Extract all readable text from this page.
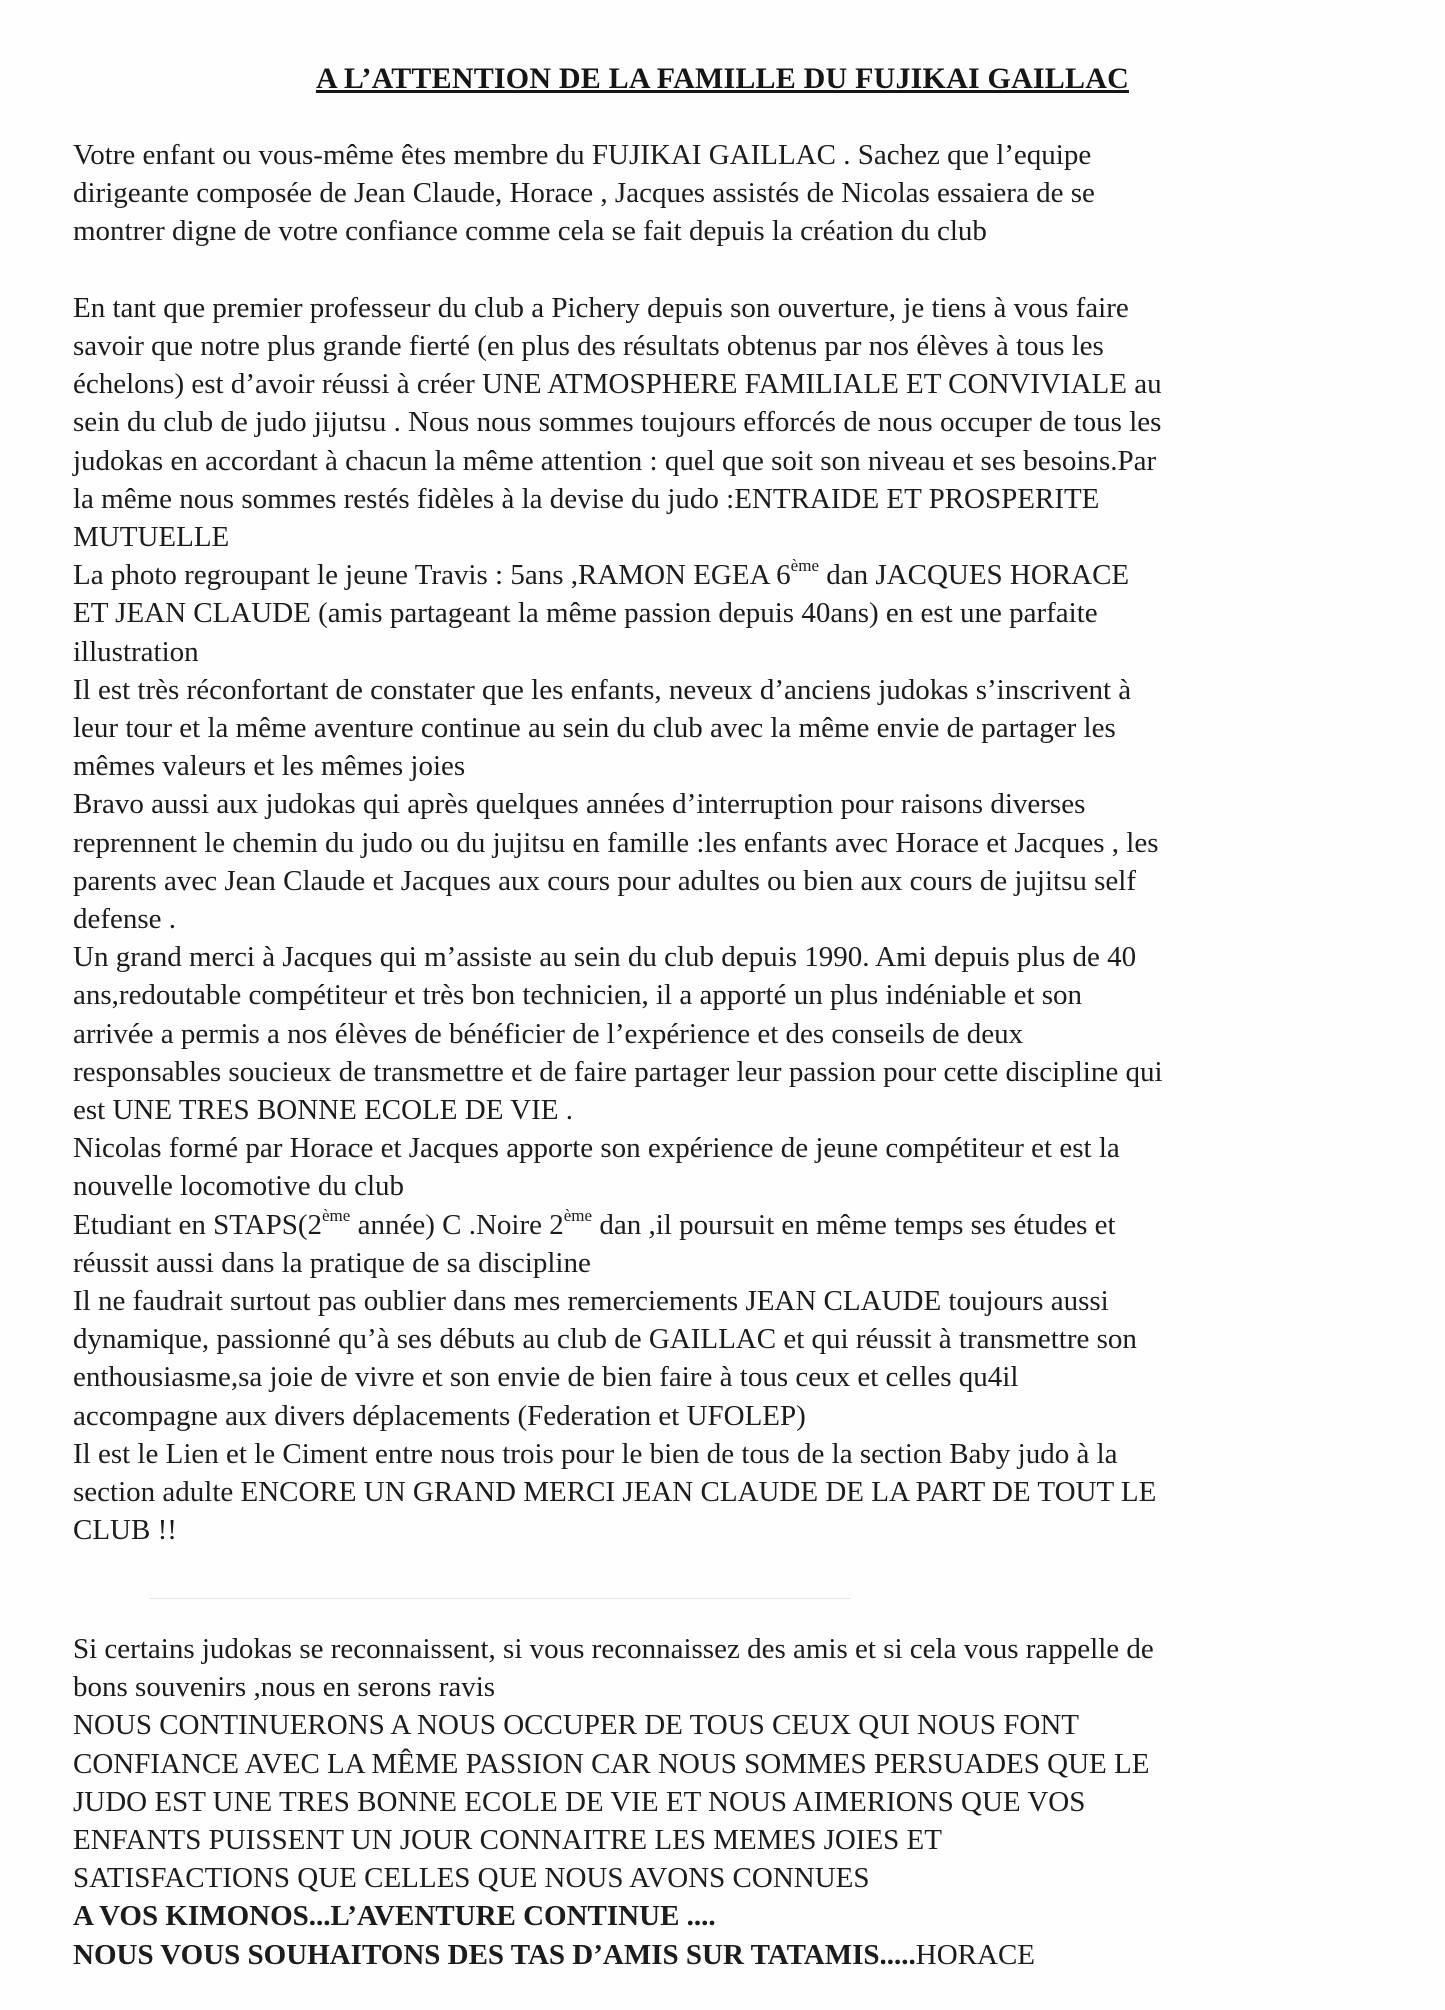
A L’ATTENTION DE LA FAMILLE DU FUJIKAI GAILLAC
Votre enfant ou vous-même êtes membre du FUJIKAI GAILLAC . Sachez que l’equipe
dirigeante composée de Jean Claude, Horace , Jacques assistés de Nicolas essaiera de se
montrer digne de votre confiance comme cela se fait depuis la création du club
En tant que premier professeur du club a Pichery depuis son ouverture, je tiens à vous faire
savoir que notre plus grande fierté (en plus des résultats obtenus par nos élèves à tous les
échelons) est d’avoir réussi à créer UNE ATMOSPHERE FAMILIALE ET CONVIVIALE au
sein du club de judo jijutsu . Nous nous sommes toujours efforcés de nous occuper de tous les
judokas en accordant à chacun la même attention : quel que soit son niveau et ses besoins.Par
la même nous sommes restés fidèles à la devise du judo :ENTRAIDE ET PROSPERITE
MUTUELLE
La photo regroupant le jeune Travis : 5ans ,RAMON EGEA 6ème dan JACQUES HORACE
ET JEAN CLAUDE (amis partageant la même passion depuis 40ans) en est une parfaite
illustration
Il est très réconfortant de constater que les enfants, neveux d’anciens judokas s’inscrivent à
leur tour et la même aventure continue au sein du club avec la même envie de partager les
mêmes valeurs et les mêmes joies
Bravo aussi aux judokas qui après quelques années d’interruption pour raisons diverses
reprennent le chemin du judo ou du jujitsu en famille :les enfants avec Horace et Jacques , les
parents avec Jean Claude et Jacques aux cours pour adultes ou bien aux cours de jujitsu self
defense .
Un grand merci à Jacques qui m’assiste au sein du club depuis 1990. Ami depuis plus de 40
ans,redoutable compétiteur et très bon technicien, il a apporté un plus indéniable et son
arrivée a permis a nos élèves de bénéficier de l’expérience et des conseils de deux
responsables soucieux de transmettre et de faire partager leur passion pour cette discipline qui
est UNE TRES BONNE ECOLE DE VIE .
Nicolas formé par Horace et Jacques apporte son expérience de jeune compétiteur et est la
nouvelle locomotive du club
Etudiant en STAPS(2ème année) C .Noire 2ème dan ,il poursuit en même temps ses études et
réussit aussi dans la pratique de sa discipline
Il ne faudrait surtout pas oublier dans mes remerciements JEAN CLAUDE toujours aussi
dynamique, passionné qu’à ses débuts au club de GAILLAC et qui réussit à transmettre son
enthousiasme,sa joie de vivre et son envie de bien faire à tous ceux et celles qu4il
accompagne aux divers déplacements (Federation et UFOLEP)
Il est le Lien et le Ciment entre nous trois pour le bien de tous de la section Baby judo à la
section adulte ENCORE UN GRAND MERCI JEAN CLAUDE DE LA PART DE TOUT LE
CLUB !!
Si certains judokas se reconnaissent, si vous reconnaissez des amis et si cela vous rappelle de
bons souvenirs ,nous en serons ravis
NOUS CONTINUERONS A NOUS OCCUPER DE TOUS CEUX QUI NOUS FONT
CONFIANCE AVEC LA MÊME PASSION CAR NOUS SOMMES PERSUADES QUE LE
JUDO EST UNE TRES BONNE ECOLE DE VIE ET NOUS AIMERIONS QUE VOS
ENFANTS PUISSENT UN JOUR CONNAITRE LES MEMES JOIES ET
SATISFACTIONS QUE CELLES QUE NOUS AVONS CONNUES
A VOS KIMONOS...L’AVENTURE CONTINUE ....
NOUS VOUS SOUHAITONS DES TAS D’AMIS SUR TATAMIS.....HORACE
